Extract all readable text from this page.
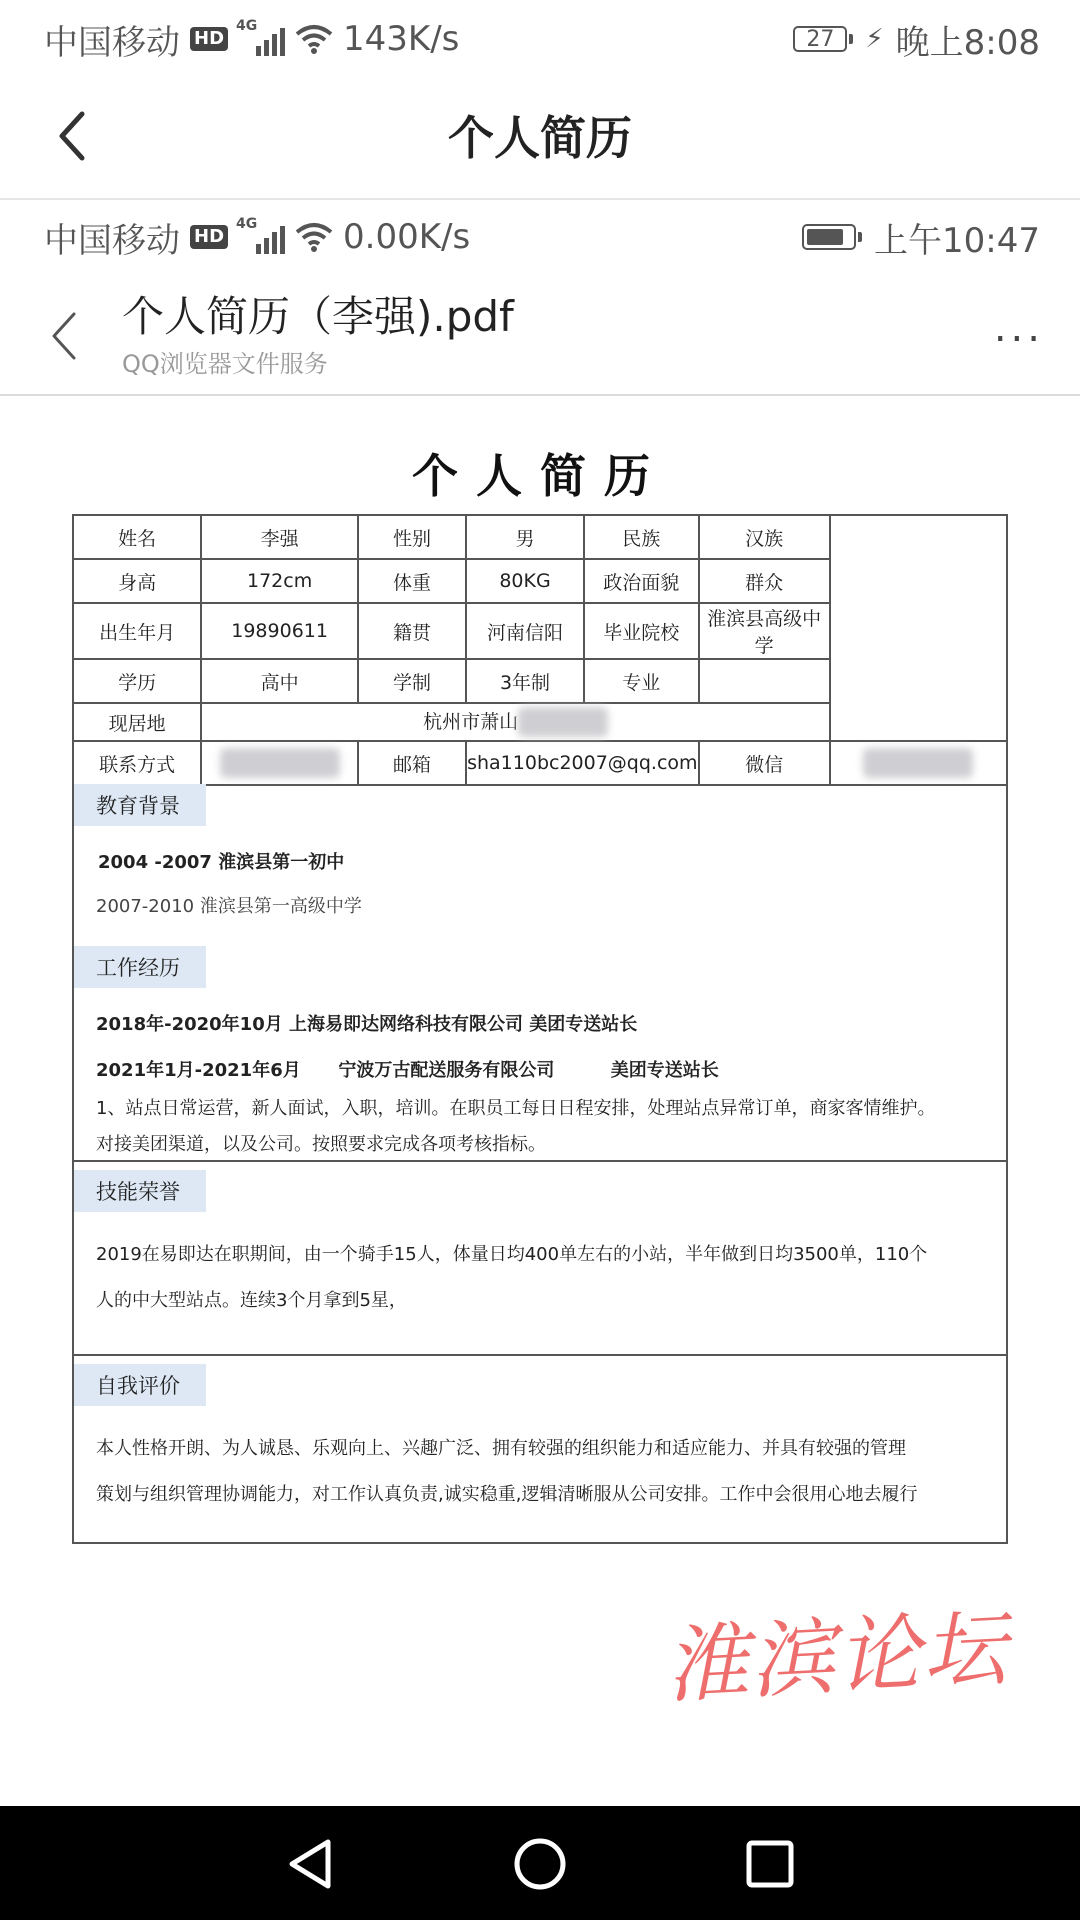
中国移动 HD
4G	143K/s	27	⚡ 晚上8:08
个人简历
中国移动 HD
4G	0.00K/s	上午10:47
个人简历（李强).pdf
QQ浏览器文件服务
...
个人简历
姓名	李强	性别	男	民族	汉族	
身高	172cm	体重	80KG	政治面貌	群众	
出生年月	19890611	籍贯	河南信阳	毕业院校	淮滨县高级中学	
学历	高中	学制	3年制	专业		
现居地	杭州市萧山					
联系方式		邮箱	sha110bc2007@qq.com		微信	
教育背景
2004 -2007 淮滨县第一初中
2007-2010 淮滨县第一高级中学
工作经历
2018年-2020年10月 上海易即达网络科技有限公司 美团专送站长
2021年1月-2021年6月      宁波万古配送服务有限公司         美团专送站长
1、站点日常运营，新人面试，入职，培训。在职员工每日日程安排，处理站点异常订单，商家客情维护。
对接美团渠道，以及公司。按照要求完成各项考核指标。
技能荣誉
2019在易即达在职期间，由一个骑手15人，体量日均400单左右的小站，半年做到日均3500单，110个
人的中大型站点。连续3个月拿到5星，
自我评价
本人性格开朗、为人诚恳、乐观向上、兴趣广泛、拥有较强的组织能力和适应能力、并具有较强的管理
策划与组织管理协调能力，对工作认真负责,诚实稳重,逻辑清晰服从公司安排。工作中会很用心地去履行
淮滨论坛
